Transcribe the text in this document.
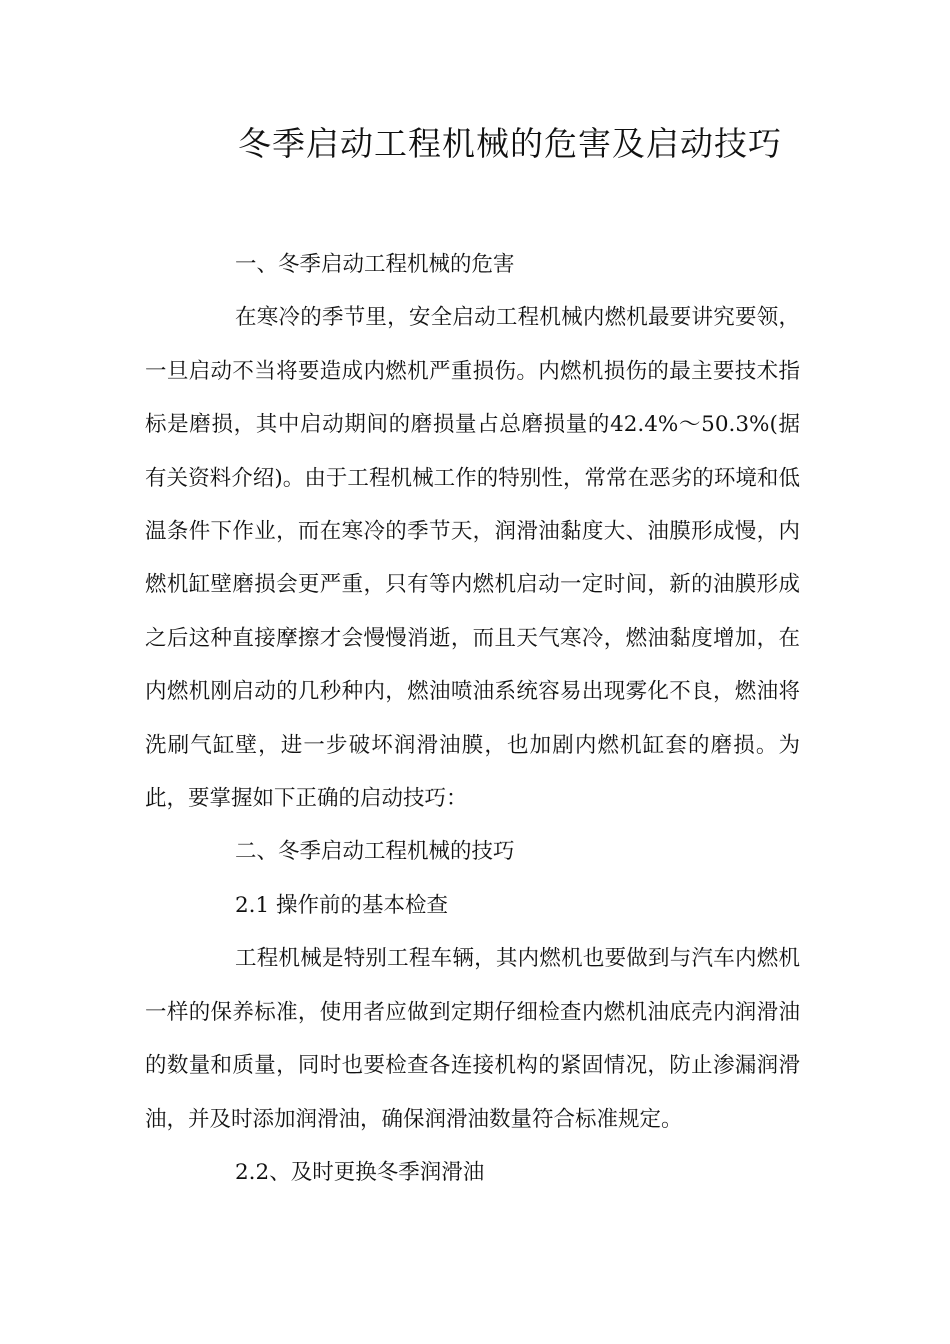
冬季启动工程机械的危害及启动技巧

一、冬季启动工程机械的危害

在寒冷的季节里，安全启动工程机械内燃机最要讲究要领，一旦启动不当将要造成内燃机严重损伤。内燃机损伤的最主要技术指标是磨损，其中启动期间的磨损量占总磨损量的42.4%～50.3%(据有关资料介绍)。由于工程机械工作的特别性，常常在恶劣的环境和低温条件下作业，而在寒冷的季节天，润滑油黏度大、油膜形成慢，内燃机缸壁磨损会更严重，只有等内燃机启动一定时间，新的油膜形成之后这种直接摩擦才会慢慢消逝，而且天气寒冷，燃油黏度增加，在内燃机刚启动的几秒种内，燃油喷油系统容易出现雾化不良，燃油将洗刷气缸壁，进一步破坏润滑油膜，也加剧内燃机缸套的磨损。为此，要掌握如下正确的启动技巧：

二、冬季启动工程机械的技巧

2.1 操作前的基本检查

工程机械是特别工程车辆，其内燃机也要做到与汽车内燃机一样的保养标准，使用者应做到定期仔细检查内燃机油底壳内润滑油的数量和质量，同时也要检查各连接机构的紧固情况，防止渗漏润滑油，并及时添加润滑油，确保润滑油数量符合标准规定。

2.2、及时更换冬季润滑油
